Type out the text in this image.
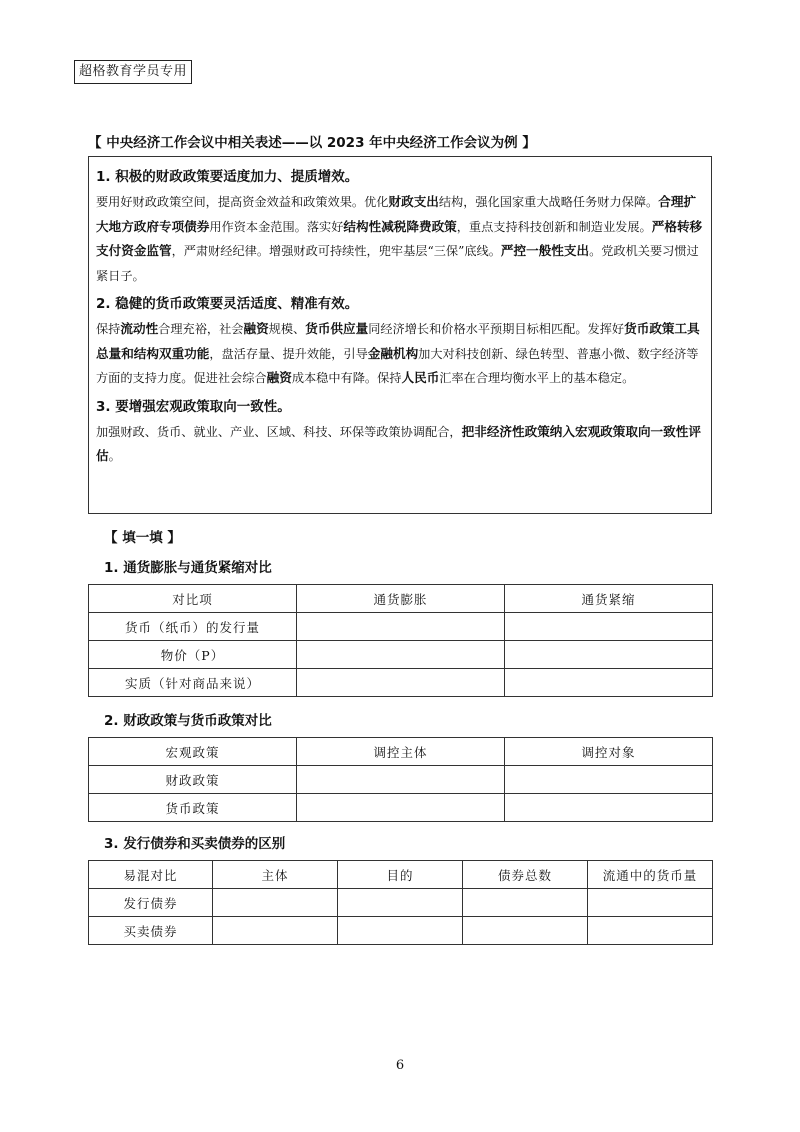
超格教育学员专用
【 中央经济工作会议中相关表述——以 2023 年中央经济工作会议为例 】
1. 积极的财政政策要适度加力、提质增效。

要用好财政政策空间，提高资金效益和政策效果。优化财政支出结构，强化国家重大战略任务财力保障。合理扩大地方政府专项债券用作资本金范围。落实好结构性减税降费政策，重点支持科技创新和制造业发展。严格转移支付资金监管，严肃财经纪律。增强财政可持续性，兜牢基层“三保”底线。严控一般性支出。党政机关要习惯过紧日子。

2. 稳健的货币政策要灵活适度、精准有效。

保持流动性合理充裕，社会融资规模、货币供应量同经济增长和价格水平预期目标相匹配。发挥好货币政策工具总量和结构双重功能，盘活存量、提升效能，引导金融机构加大对科技创新、绿色转型、普惠小微、数字经济等方面的支持力度。促进社会综合融资成本稳中有降。保持人民币汇率在合理均衡水平上的基本稳定。

3. 要增强宏观政策取向一致性。

加强财政、货币、就业、产业、区域、科技、环保等政策协调配合，把非经济性政策纳入宏观政策取向一致性评估。

【 填一填 】
1. 通货膨胀与通货紧缩对比
对比项	通货膨胀	通货紧缩
货币（纸币）的发行量		
物价（P）		
实质（针对商品来说）		
2. 财政政策与货币政策对比
宏观政策	调控主体	调控对象
财政政策		
货币政策		
3. 发行债券和买卖债券的区别
易混对比	主体	目的	债券总数	流通中的货币量
发行债券				
买卖债券				
6
